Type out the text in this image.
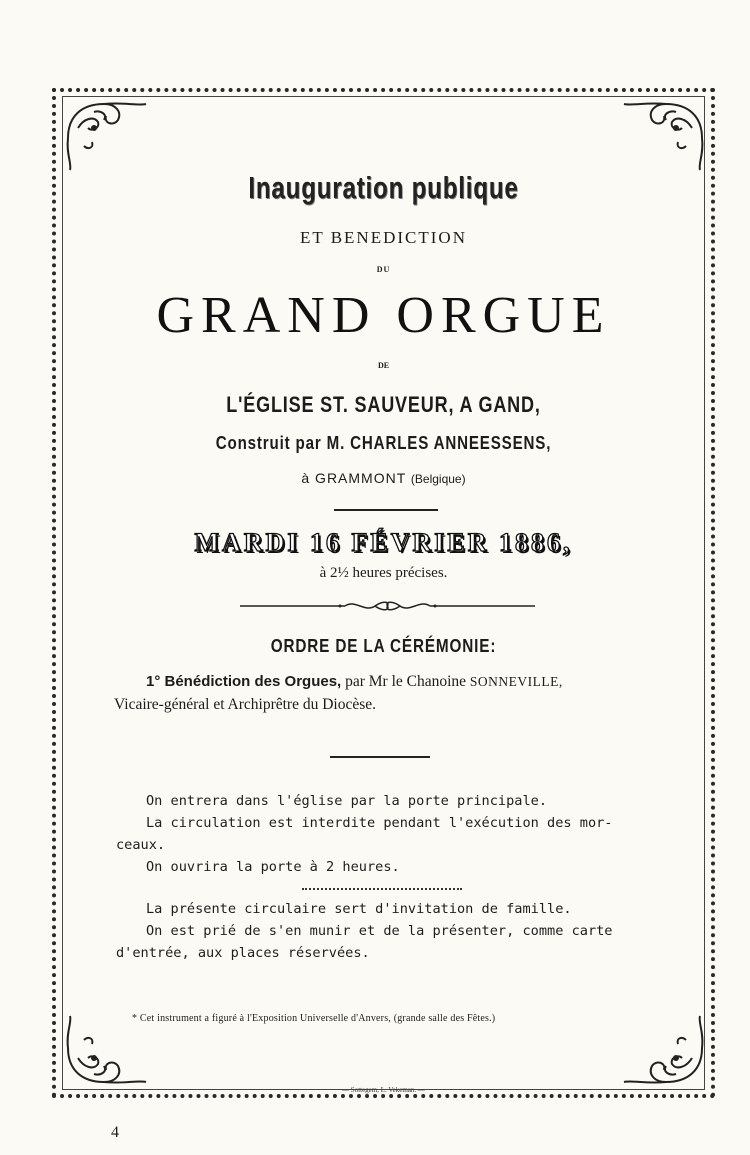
Inauguration publique
ET BENEDICTION
DU
GRAND ORGUE
DE
L'ÉGLISE ST. SAUVEUR, A GAND,
Construit par M. CHARLES ANNEESSENS,
à GRAMMONT (Belgique)
MARDI 16 FÉVRIER 1886,
à 2½ heures précises.
ORDRE DE LA CÉRÉMONIE:
1° Bénédiction des Orgues, par Mr le Chanoine SONNEVILLE,
Vicaire-général et Archiprêtre du Diocèse.

On entrera dans l'église par la porte principale.

La circulation est interdite pendant l'exécution des mor-

ceaux.

On ouvrira la porte à 2 heures.

La présente circulaire sert d'invitation de famille.

On est prié de s'en munir et de la présenter, comme carte

d'entrée, aux places réservées.

* Cet instrument a figuré à l'Exposition Universelle d'Anvers, (grande salle des Fêtes.)
— Sottegem, L. Vekeman. —
4
